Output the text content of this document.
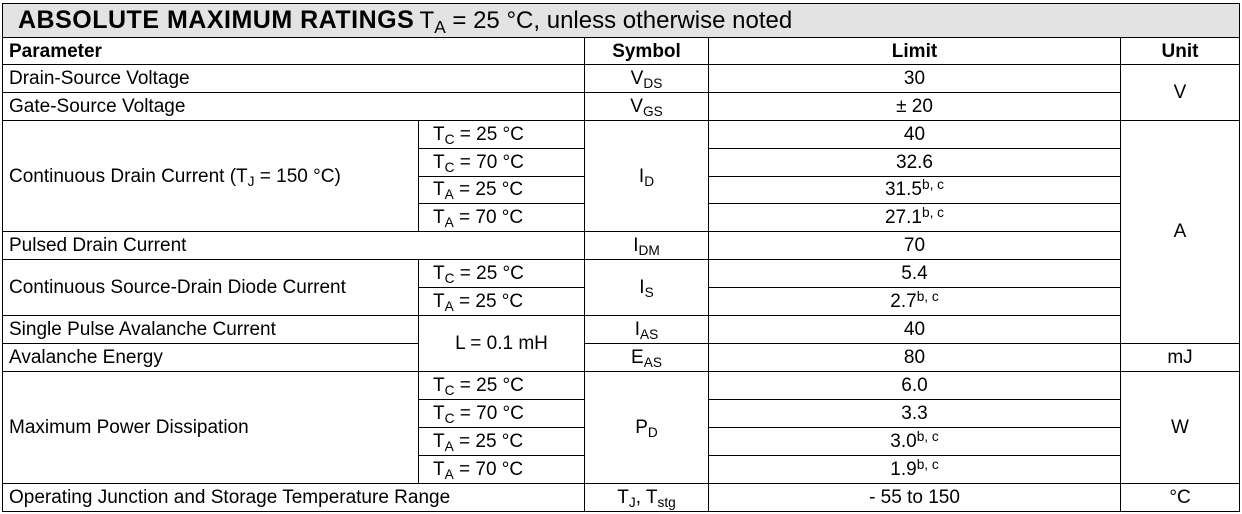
ABSOLUTE MAXIMUM RATINGS $T_A = 25$ °C, unless otherwise noted				
Parameter		Symbol	Limit	Unit
Drain-Source Voltage		$V_{DS}$	30	V
Gate-Source Voltage		$V_{GS}$	± 20	
Continuous Drain Current ($T_J = 150$ °C)	$T_C = 25$ °C	$I_D$	40	A
	$T_C = 70$ °C		32.6	
	$T_A = 25$ °C		31.5$^{b, c}$
	$T_A = 70$ °C		27.1$^{b, c}$
Pulsed Drain Current		$I_{DM}$	70	
Continuous Source-Drain Diode Current	$T_C = 25$ °C	$I_S$	5.4	
	$T_A = 25$ °C		2.7$^{b, c}$
Single Pulse Avalanche Current	L = 0.1 mH	$I_{AS}$	40	
Avalanche Energy		$E_{AS}$	80	mJ
Maximum Power Dissipation	$T_C = 25$ °C	$P_D$	6.0	W
	$T_C = 70$ °C		3.3	
	$T_A = 25$ °C		3.0$^{b, c}$
	$T_A = 70$ °C		1.9$^{b, c}$
Operating Junction and Storage Temperature Range		$T_J$, $T_{stg}$	- 55 to 150	°C
